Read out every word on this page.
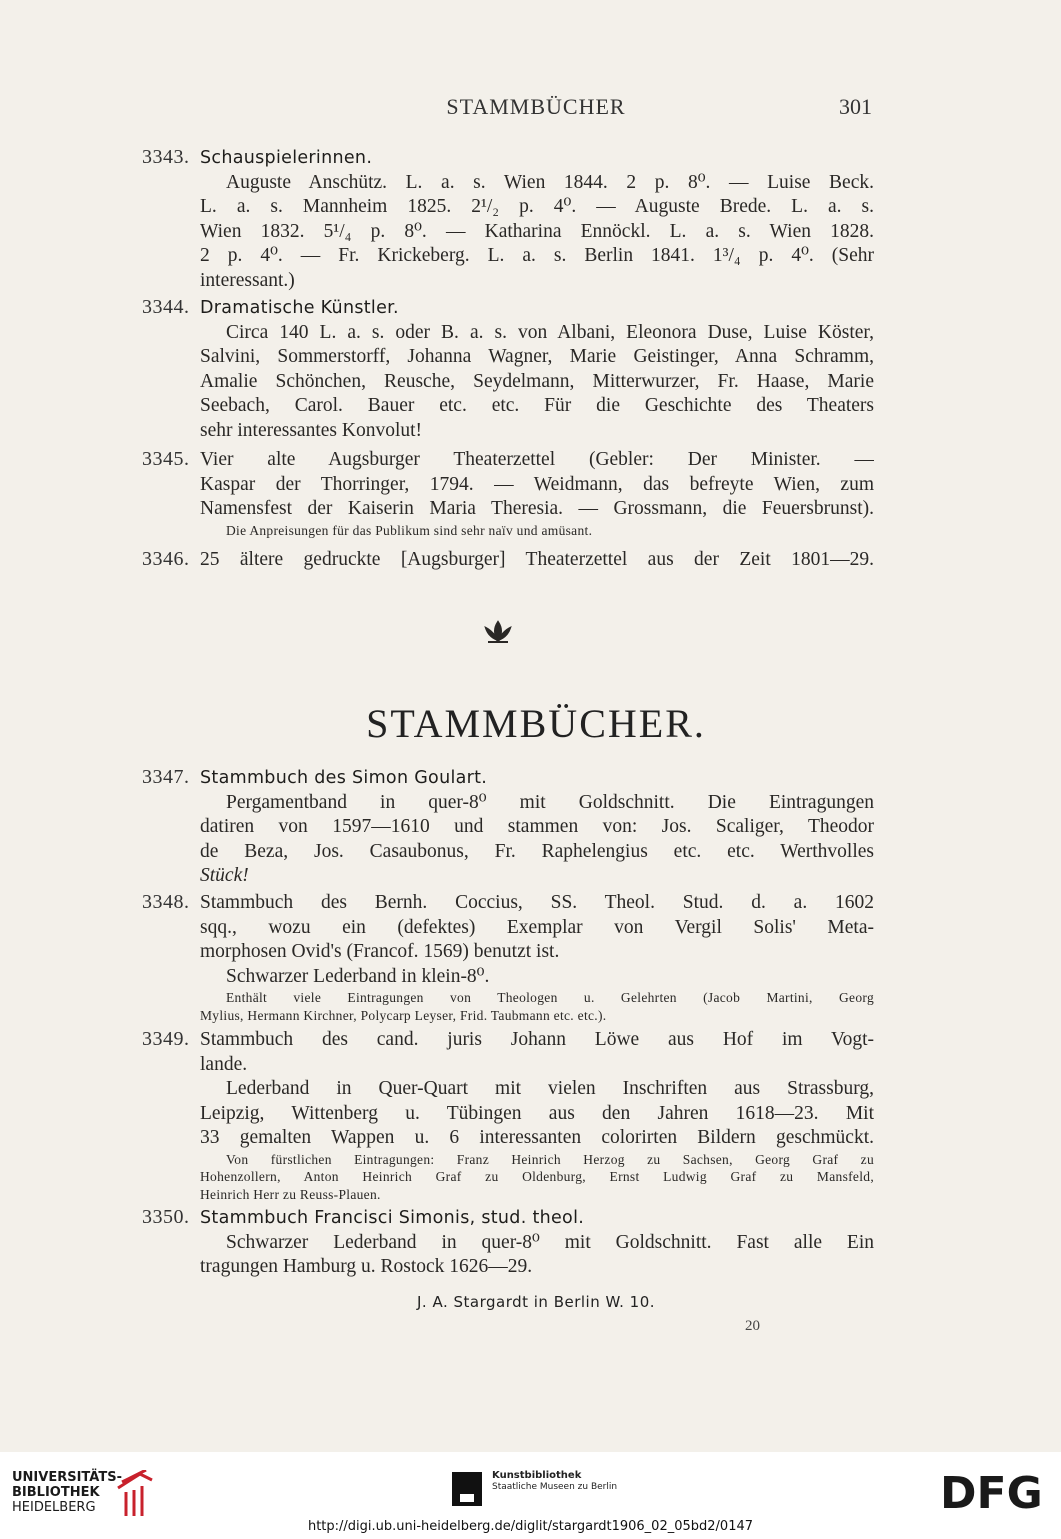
STAMMBÜCHER	301
3343. Schauspielerinnen.
Auguste Anschütz. L. a. s. Wien 1844. 2 p. 8⁰. — Luise Beck.
L. a. s. Mannheim 1825. 2¹/₂ p. 4⁰. — Auguste Brede. L. a. s.
Wien 1832. 5¹/₄ p. 8⁰. — Katharina Ennöckl. L. a. s. Wien 1828.
2 p. 4⁰. — Fr. Krickeberg. L. a. s. Berlin 1841. 1³/₄ p. 4⁰. (Sehr
interessant.)
3344. Dramatische Künstler.
Circa 140 L. a. s. oder B. a. s. von Albani, Eleonora Duse, Luise Köster,
Salvini, Sommerstorff, Johanna Wagner, Marie Geistinger, Anna Schramm,
Amalie Schönchen, Reusche, Seydelmann, Mitterwurzer, Fr. Haase, Marie
Seebach, Carol. Bauer etc. etc. Für die Geschichte des Theaters
sehr interessantes Konvolut!
3345. Vier alte Augsburger Theaterzettel (Gebler: Der Minister. —
Kaspar der Thorringer, 1794. — Weidmann, das befreyte Wien, zum
Namensfest der Kaiserin Maria Theresia. — Grossmann, die Feuersbrunst).
Die Anpreisungen für das Publikum sind sehr naïv und amüsant.
3346. 25 ältere gedruckte [Augsburger] Theaterzettel aus der Zeit 1801—29.
STAMMBÜCHER.
3347. Stammbuch des Simon Goulart.
Pergamentband in quer-8⁰ mit Goldschnitt. Die Eintragungen
datiren von 1597—1610 und stammen von: Jos. Scaliger, Theodor
de Beza, Jos. Casaubonus, Fr. Raphelengius etc. etc. Werthvolles
Stück!
3348. Stammbuch des Bernh. Coccius, SS. Theol. Stud. d. a. 1602
sqq., wozu ein (defektes) Exemplar von Vergil Solis' Meta-
morphosen Ovid's (Francof. 1569) benutzt ist.
Schwarzer Lederband in klein-8⁰.
Enthält viele Eintragungen von Theologen u. Gelehrten (Jacob Martini, Georg
Mylius, Hermann Kirchner, Polycarp Leyser, Frid. Taubmann etc. etc.).
3349. Stammbuch des cand. juris Johann Löwe aus Hof im Vogt-
lande.
Lederband in Quer-Quart mit vielen Inschriften aus Strassburg,
Leipzig, Wittenberg u. Tübingen aus den Jahren 1618—23. Mit
33 gemalten Wappen u. 6 interessanten colorirten Bildern geschmückt.
Von fürstlichen Eintragungen: Franz Heinrich Herzog zu Sachsen, Georg Graf zu
Hohenzollern, Anton Heinrich Graf zu Oldenburg, Ernst Ludwig Graf zu Mansfeld,
Heinrich Herr zu Reuss-Plauen.
3350. Stammbuch Francisci Simonis, stud. theol.
Schwarzer Lederband in quer-8⁰ mit Goldschnitt. Fast alle Ein
tragungen Hamburg u. Rostock 1626—29.
J. A. Stargardt in Berlin W. 10.
20
UNIVERSITÄTS-
BIBLIOTHEK
HEIDELBERG
Kunstbibliothek
Staatliche Museen zu Berlin	DFG
http://digi.ub.uni-heidelberg.de/diglit/stargardt1906_02_05bd2/0147
